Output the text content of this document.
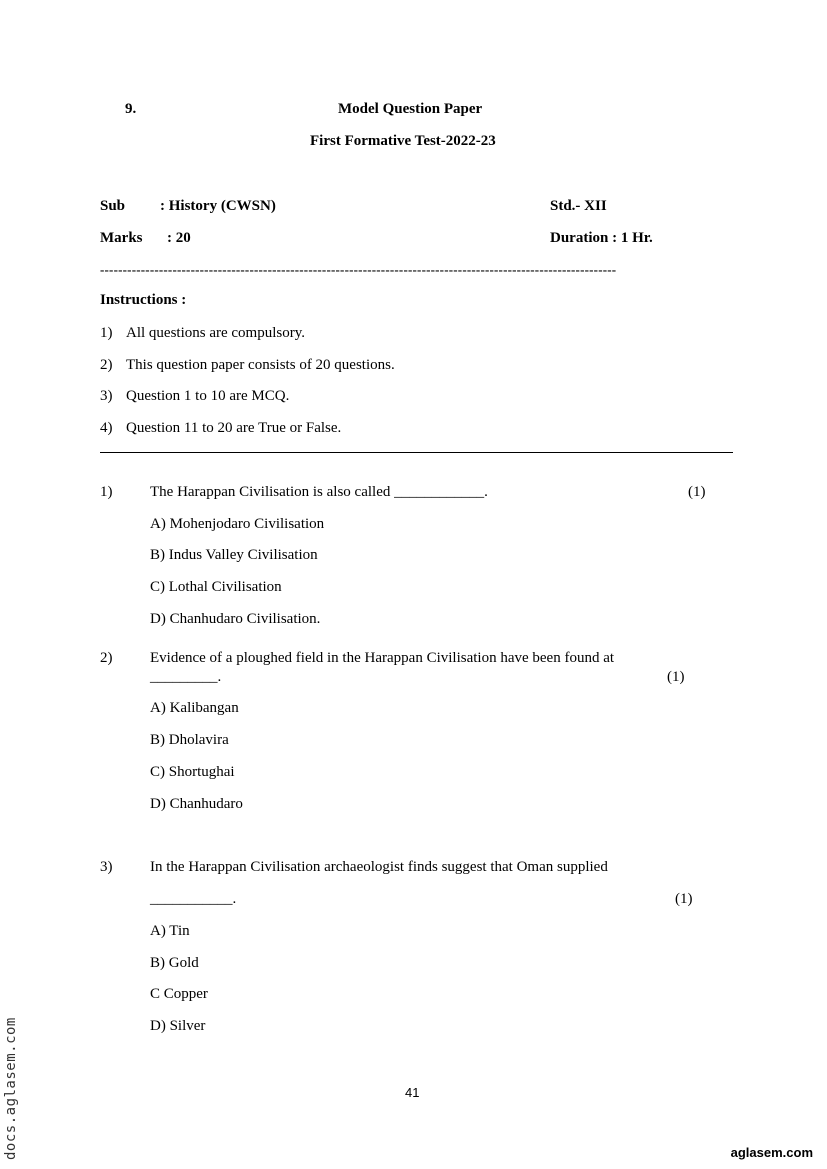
9.	Model Question Paper
First Formative Test-2022-23
Sub : History (CWSN)	Std.- XII
Marks : 20	Duration : 1 Hr.
------------------------------------------------------------------------------------------------------------------
Instructions :
1) All questions are compulsory.
2) This question paper consists of 20 questions.
3) Question 1 to 10 are MCQ.
4) Question 11 to 20 are True or False.
1)	The Harappan Civilisation is also called ____________.	(1)
A) Mohenjodaro Civilisation
B) Indus Valley Civilisation
C) Lothal Civilisation
D) Chanhudaro Civilisation.
2)	Evidence of a ploughed field in the Harappan Civilisation have been found at
_________.	(1)
A) Kalibangan
B) Dholavira
C) Shortughai
D) Chanhudaro
3)	In the Harappan Civilisation archaeologist finds suggest that Oman supplied
___________.	(1)
A) Tin
B) Gold
C Copper
D) Silver
41
aglasem.com
docs.aglasem.com
